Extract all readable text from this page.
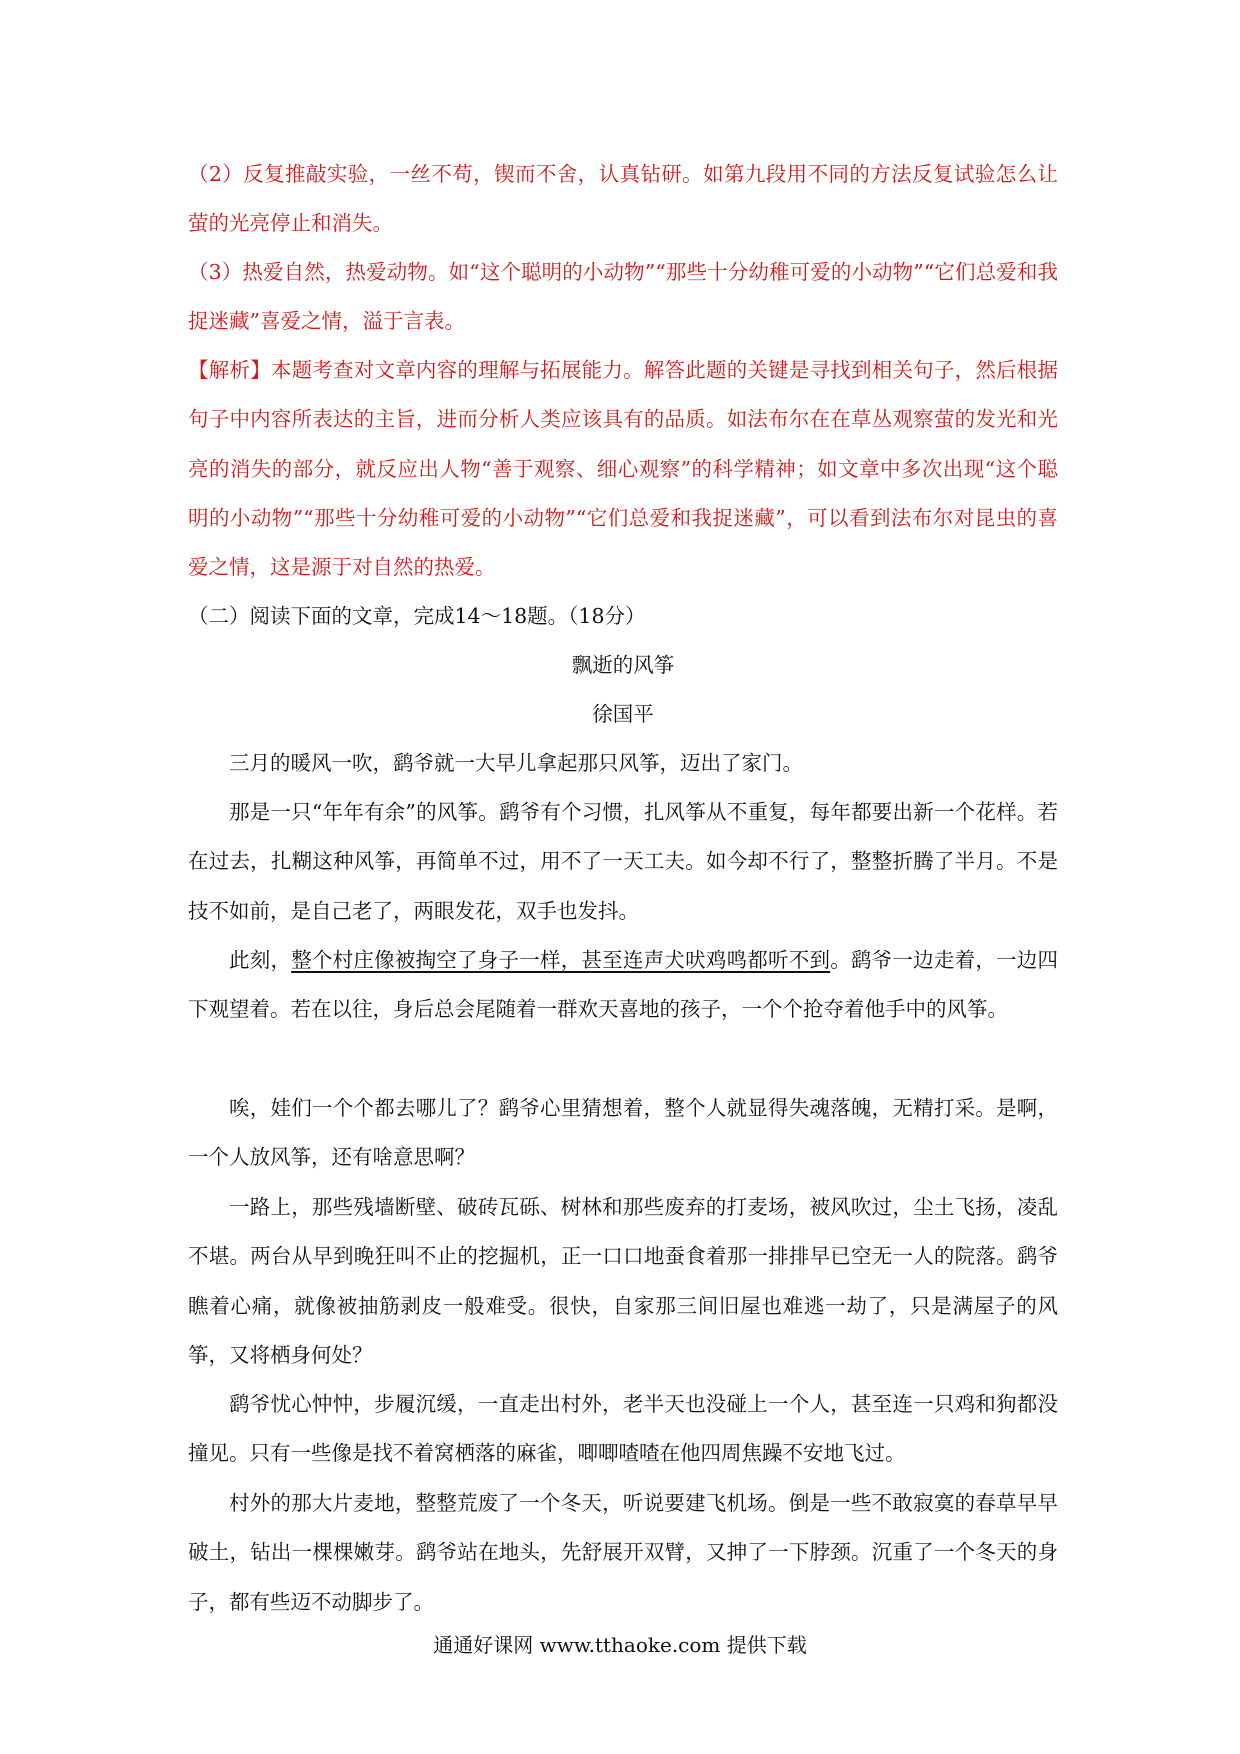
（2）反复推敲实验，一丝不苟，锲而不舍，认真钻研。如第九段用不同的方法反复试验怎么让萤的光亮停止和消失。

（3）热爱自然，热爱动物。如“这个聪明的小动物”“那些十分幼稚可爱的小动物”“它们总爱和我捉迷藏”喜爱之情，溢于言表。

【解析】本题考查对文章内容的理解与拓展能力。解答此题的关键是寻找到相关句子，然后根据句子中内容所表达的主旨，进而分析人类应该具有的品质。如法布尔在在草丛观察萤的发光和光亮的消失的部分，就反应出人物“善于观察、细心观察”的科学精神；如文章中多次出现“这个聪明的小动物”“那些十分幼稚可爱的小动物”“它们总爱和我捉迷藏”，可以看到法布尔对昆虫的喜爱之情，这是源于对自然的热爱。

（二）阅读下面的文章，完成14～18题。（18分）

飘逝的风筝

徐国平

三月的暖风一吹，鹞爷就一大早儿拿起那只风筝，迈出了家门。

那是一只“年年有余”的风筝。鹞爷有个习惯，扎风筝从不重复，每年都要出新一个花样。若在过去，扎糊这种风筝，再简单不过，用不了一天工夫。如今却不行了，整整折腾了半月。不是技不如前，是自己老了，两眼发花，双手也发抖。

此刻，整个村庄像被掏空了身子一样，甚至连声犬吠鸡鸣都听不到。鹞爷一边走着，一边四下观望着。若在以往，身后总会尾随着一群欢天喜地的孩子，一个个抢夺着他手中的风筝。

唉，娃们一个个都去哪儿了？鹞爷心里猜想着，整个人就显得失魂落魄，无精打采。是啊，一个人放风筝，还有啥意思啊？

一路上，那些残墙断壁、破砖瓦砾、树林和那些废弃的打麦场，被风吹过，尘土飞扬，凌乱不堪。两台从早到晚狂叫不止的挖掘机，正一口口地蚕食着那一排排早已空无一人的院落。鹞爷瞧着心痛，就像被抽筋剥皮一般难受。很快，自家那三间旧屋也难逃一劫了，只是满屋子的风筝，又将栖身何处？

鹞爷忧心忡忡，步履沉缓，一直走出村外，老半天也没碰上一个人，甚至连一只鸡和狗都没撞见。只有一些像是找不着窝栖落的麻雀，唧唧喳喳在他四周焦躁不安地飞过。

村外的那大片麦地，整整荒废了一个冬天，听说要建飞机场。倒是一些不敢寂寞的春草早早破土，钻出一棵棵嫩芽。鹞爷站在地头，先舒展开双臂，又抻了一下脖颈。沉重了一个冬天的身子，都有些迈不动脚步了。

通通好课网 www.tthaoke.com 提供下载
